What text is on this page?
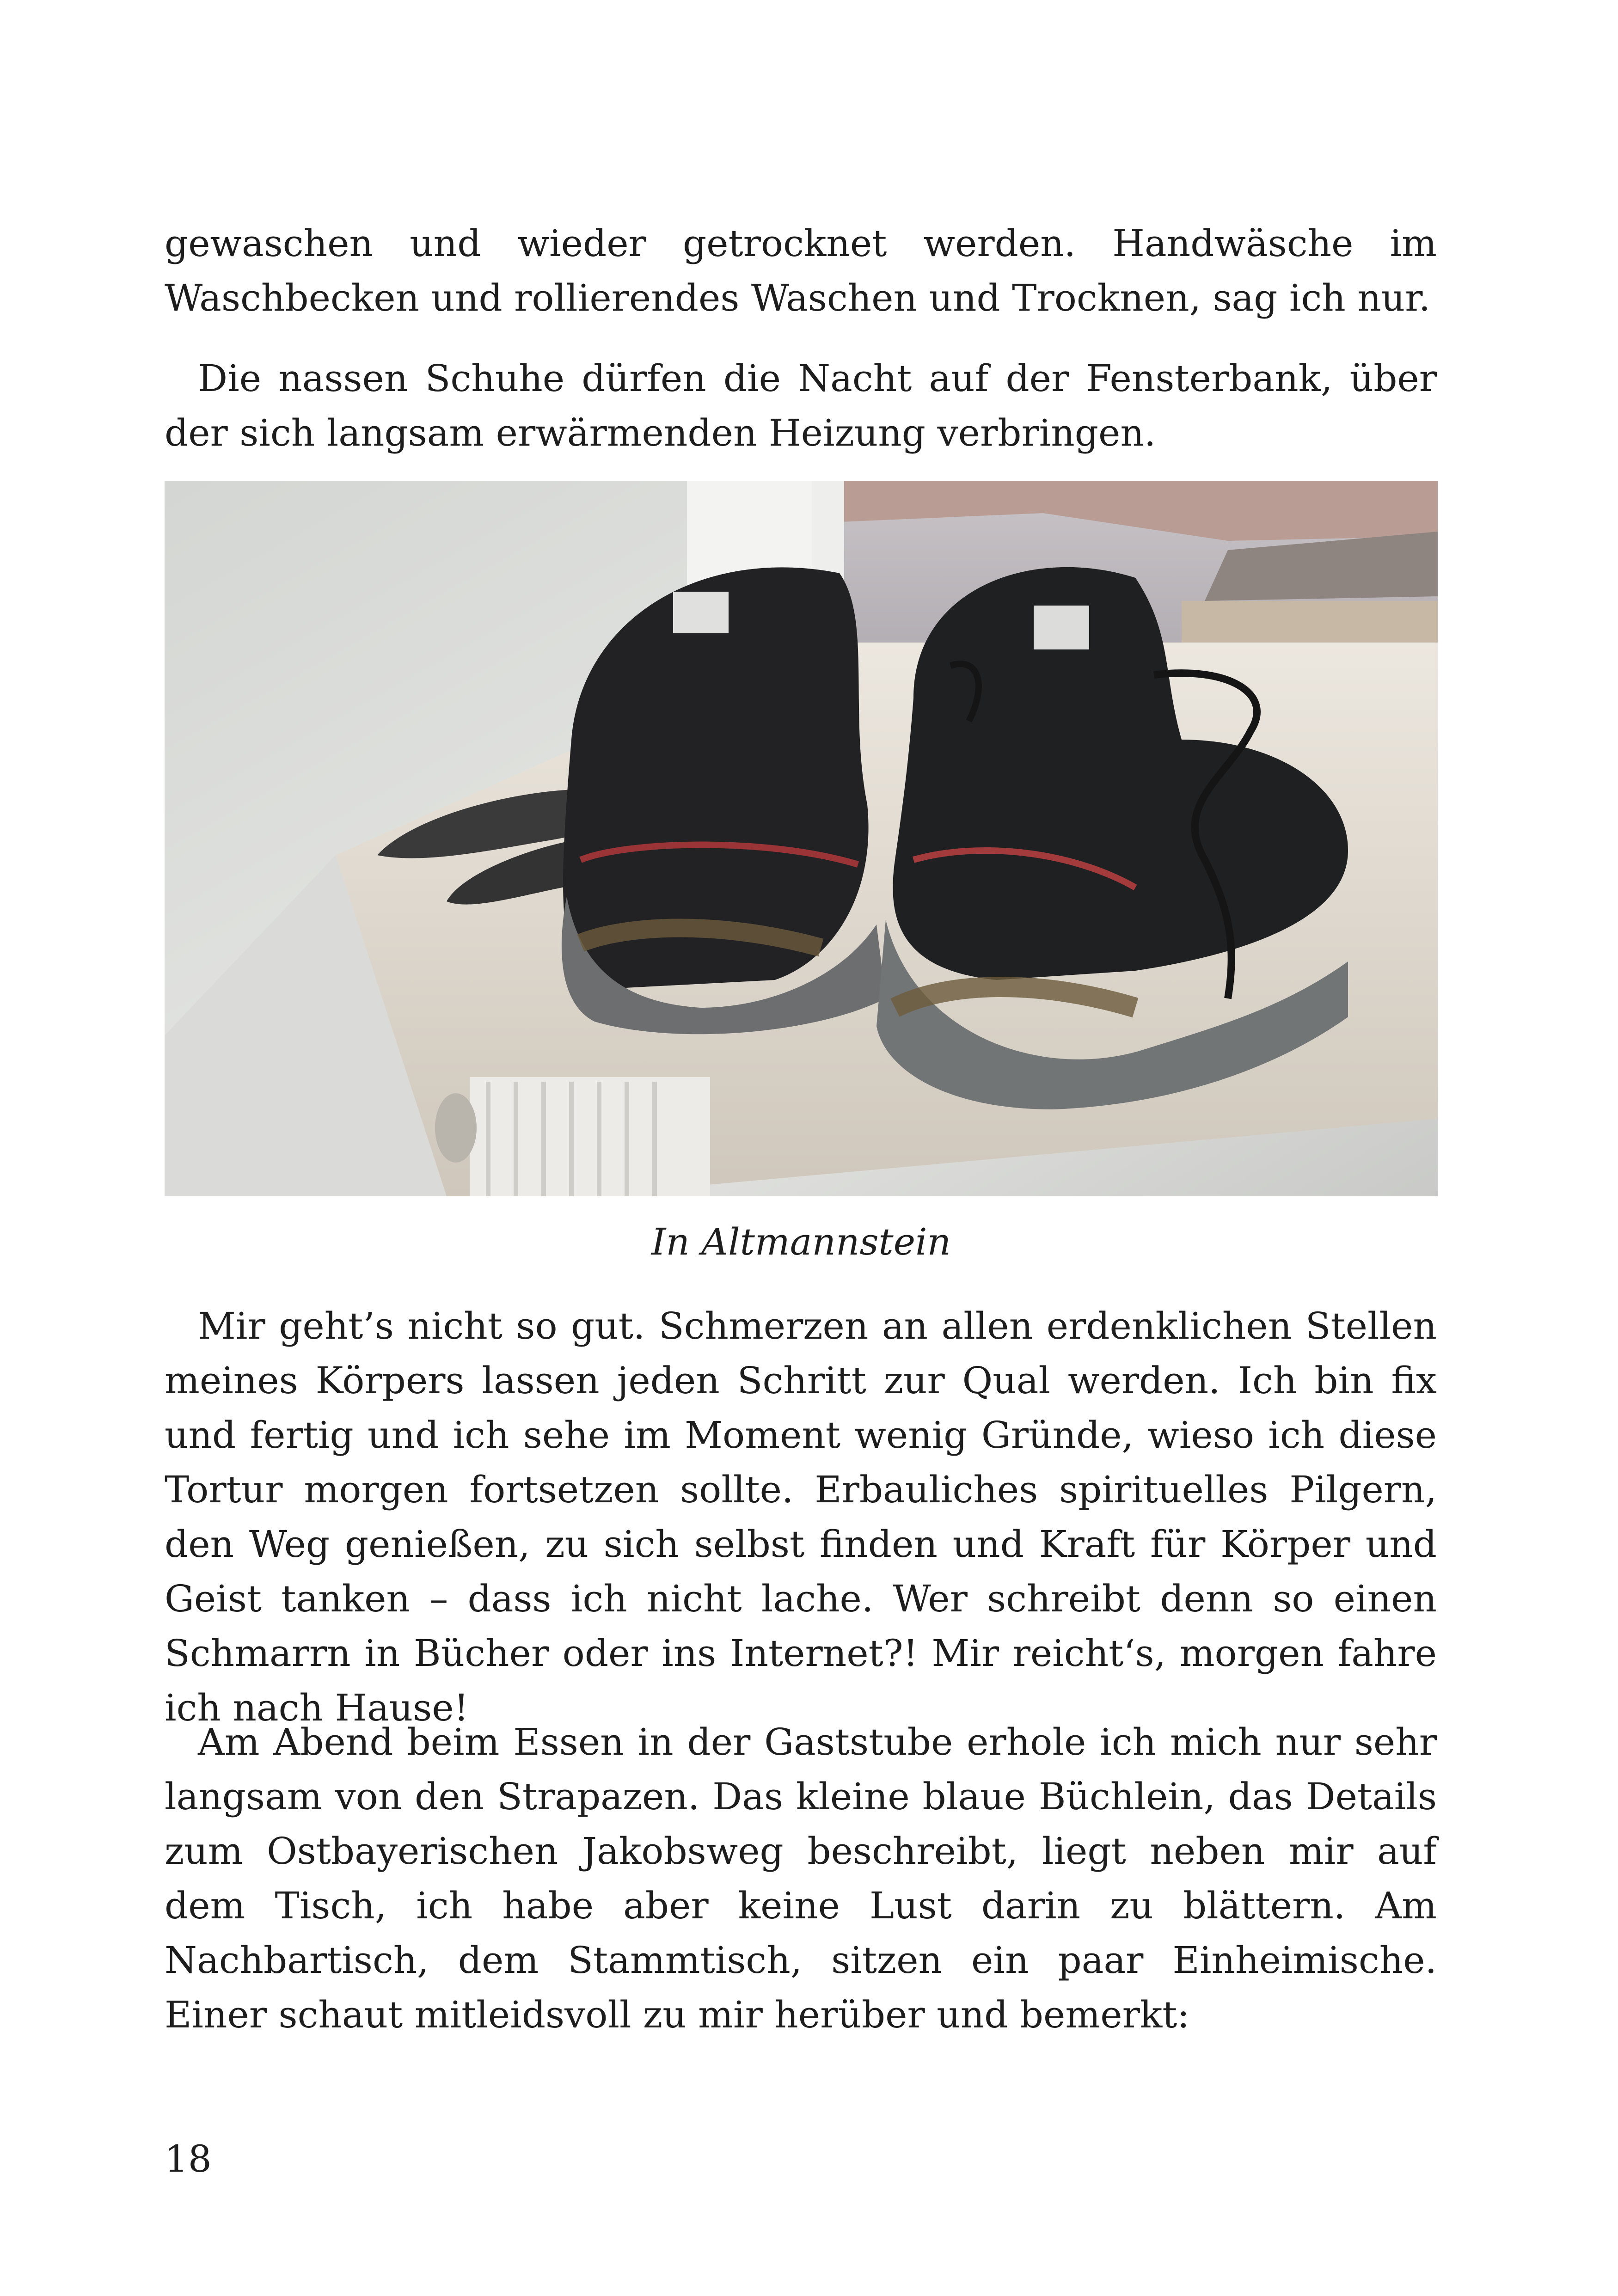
gewaschen und wieder getrocknet werden. Handwäsche im Waschbecken und rollierendes Waschen und Trocknen, sag ich nur.

Die nassen Schuhe dürfen die Nacht auf der Fensterbank, über der sich langsam erwärmenden Heizung verbringen.

In Altmannstein

Mir geht’s nicht so gut. Schmerzen an allen erdenklichen Stellen meines Körpers lassen jeden Schritt zur Qual werden. Ich bin fix und fertig und ich sehe im Moment wenig Gründe, wieso ich diese Tortur morgen fortsetzen sollte. Erbauliches spirituelles Pilgern, den Weg genießen, zu sich selbst finden und Kraft für Körper und Geist tanken – dass ich nicht lache. Wer schreibt denn so einen Schmarrn in Bücher oder ins Internet?! Mir reicht‘s, morgen fahre ich nach Hause!

Am Abend beim Essen in der Gaststube erhole ich mich nur sehr langsam von den Strapazen. Das kleine blaue Büchlein, das Details zum Ostbayerischen Jakobsweg beschreibt, liegt neben mir auf dem Tisch, ich habe aber keine Lust darin zu blättern. Am Nachbartisch, dem Stammtisch, sitzen ein paar Einheimische. Einer schaut mitleidsvoll zu mir herüber und bemerkt:

18
